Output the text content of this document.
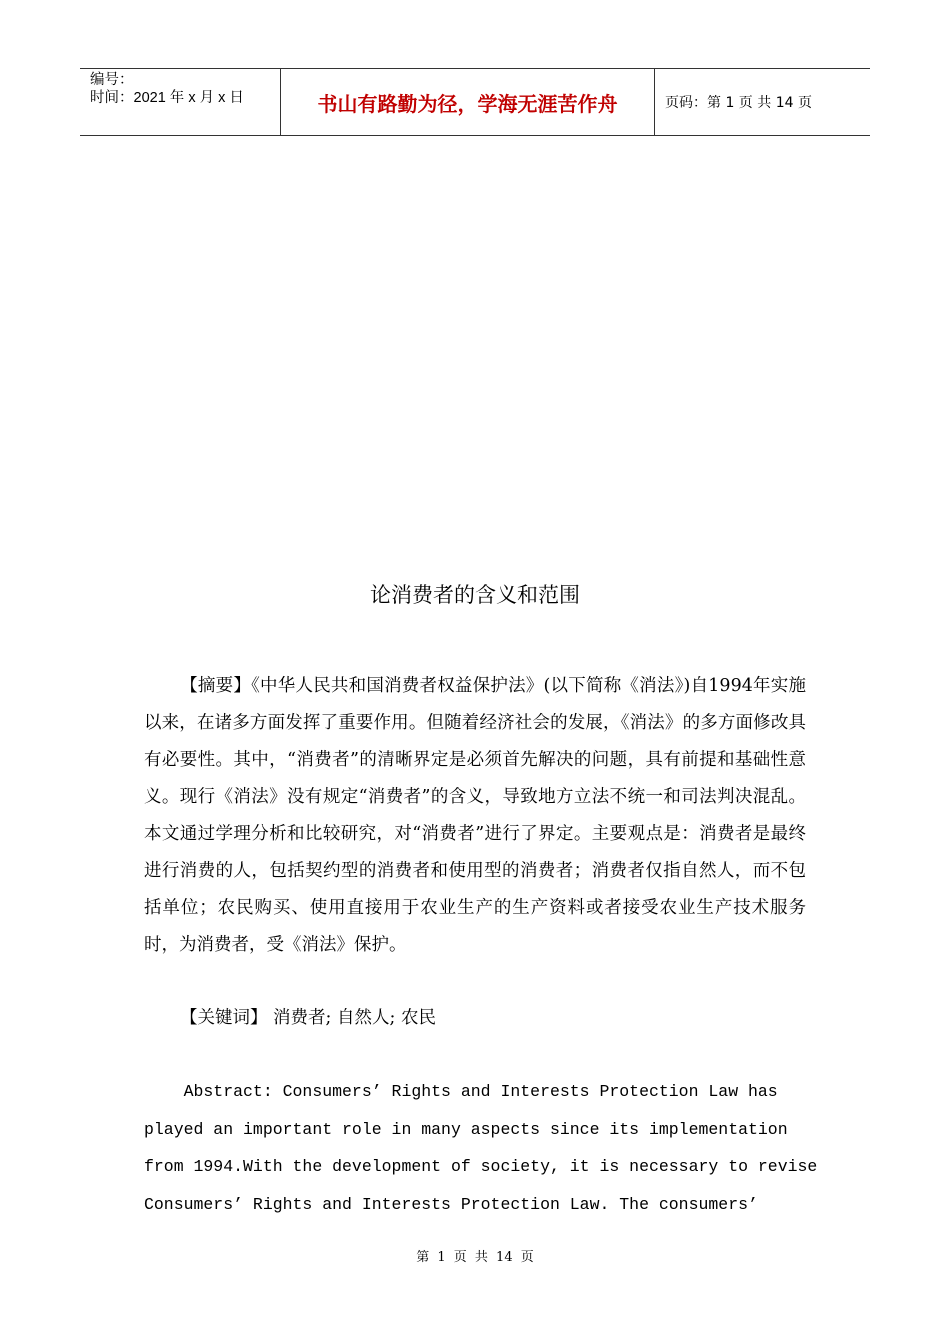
编号：
时间：2021 年 x 月 x 日	书山有路勤为径，学海无涯苦作舟	页码：第 1 页 共 14 页
论消费者的含义和范围

【摘要】《中华人民共和国消费者权益保护法》(以下简称《消法》)自1994年实施以来，在诸多方面发挥了重要作用。但随着经济社会的发展，《消法》的多方面修改具有必要性。其中，“消费者”的清晰界定是必须首先解决的问题，具有前提和基础性意义。现行《消法》没有规定“消费者”的含义，导致地方立法不统一和司法判决混乱。本文通过学理分析和比较研究，对“消费者”进行了界定。主要观点是：消费者是最终进行消费的人，包括契约型的消费者和使用型的消费者；消费者仅指自然人，而不包括单位；农民购买、使用直接用于农业生产的生产资料或者接受农业生产技术服务时，为消费者，受《消法》保护。

【关键词】 消费者; 自然人; 农民
Abstract: Consumers’ Rights and Interests Protection Law has
played an important role in many aspects since its implementation
from 1994.With the development of society, it is necessary to revise
Consumers’ Rights and Interests Protection Law. The consumers’
第 1 页 共 14 页
